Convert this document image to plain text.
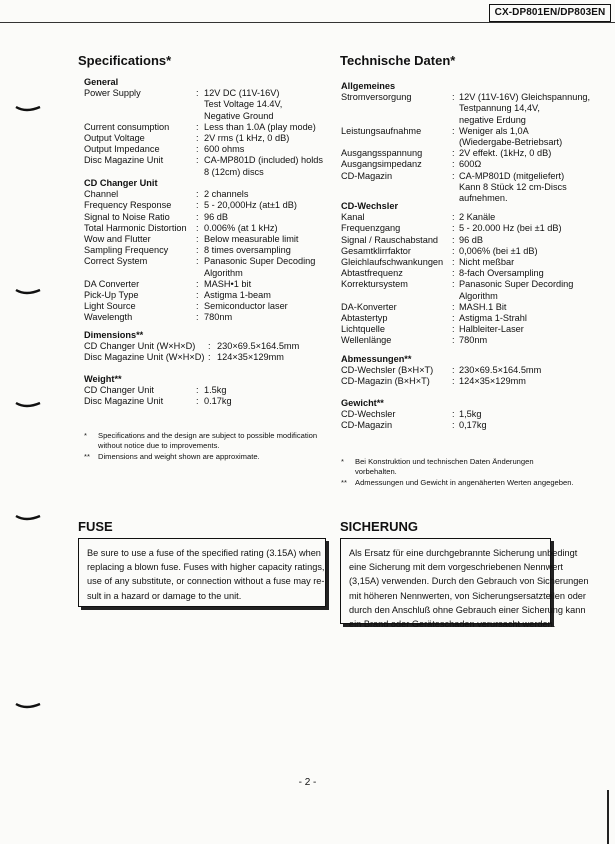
CX-DP801EN/DP803EN
Specifications*	Technische Daten*
General
Power Supply	: 12V DC (11V-16V)
Test Voltage 14.4V,
Negative Ground
Current consumption	: Less than 1.0A (play mode)
Output Voltage	: 2V rms (1 kHz, 0 dB)
Output Impedance	: 600 ohms
Disc Magazine Unit	: CA-MP801D (included) holds
8 (12cm) discs
CD Changer Unit
Channel	: 2 channels
Frequency Response	: 5 - 20,000Hz (at±1 dB)
Signal to Noise Ratio	: 96 dB
Total Harmonic Distortion : 0.006% (at 1 kHz)
Wow and Flutter	: Below measurable limit
Sampling Frequency	: 8 times oversampling
Correct System	: Panasonic Super Decoding
Algorithm
DA Converter	: MASH•1 bit
Pick-Up Type	: Astigma 1-beam
Light Source	: Semiconductor laser
Wavelength	: 780nm
Dimensions**
CD Changer Unit (W×H×D) : 230×69.5×164.5mm
Disc Magazine Unit (W×H×D) : 124×35×129mm
Weight**
CD Changer Unit	: 1.5kg
Disc Magazine Unit	: 0.17kg
Allgemeines
Stromversorgung	: 12V (11V-16V) Gleichspannung,
Testpannung 14,4V,
negative Erdung
Leistungsaufnahme	: Weniger als 1,0A
(Wiedergabe-Betriebsart)
Ausgangsspannung	: 2V effekt. (1kHz, 0 dB)
Ausgangsimpedanz	: 600Ω
CD-Magazin	: CA-MP801D (mitgeliefert)
Kann 8 Stück 12 cm-Discs
aufnehmen.
CD-Wechsler
Kanal	: 2 Kanäle
Frequenzgang	: 5 - 20.000 Hz (bei ±1 dB)
Signal / Rauschabstand : 96 dB
Gesamtklirrfaktor	: 0,006% (bei ±1 dB)
Gleichlaufschwankungen : Nicht meßbar
Abtastfrequenz	: 8-fach Oversampling
Korrektursystem	: Panasonic Super Decording
Algorithm
DA-Konverter	: MASH.1 Bit
Abtastertyp	: Astigma 1-Strahl
Lichtquelle	: Halbleiter-Laser
Wellenlänge	: 780nm
Abmessungen**
CD-Wechsler (B×H×T) : 230×69.5×164.5mm
CD-Magazin (B×H×T) : 124×35×129mm
Gewicht**
CD-Wechsler	: 1,5kg
CD-Magazin	: 0,17kg
* Specifications and the design are subject to possible modification
without notice due to improvements.
** Dimensions and weight shown are approximate.
* Bei Konstruktion und technischen Daten Änderungen
vorbehalten.
** Admessungen und Gewicht in angenäherten Werten angegeben.
FUSE	SICHERUNG
Be sure to use a fuse of the specified rating (3.15A) when
replacing a blown fuse. Fuses with higher capacity ratings,
use of any substitute, or connection without a fuse may re-
sult in a hazard or damage to the unit.
Als Ersatz für eine durchgebrannte Sicherung unbedingt
eine Sicherung mit dem vorgeschriebenen Nennwert
(3,15A) verwenden. Durch den Gebrauch von Sicherungen
mit höheren Nennwerten, von Sicherungsersatzteilen oder
durch den Anschluß ohne Gebrauch einer Sicherung kann
ein Brand oder Geräteschaden verursacht werden.
- 2 -
